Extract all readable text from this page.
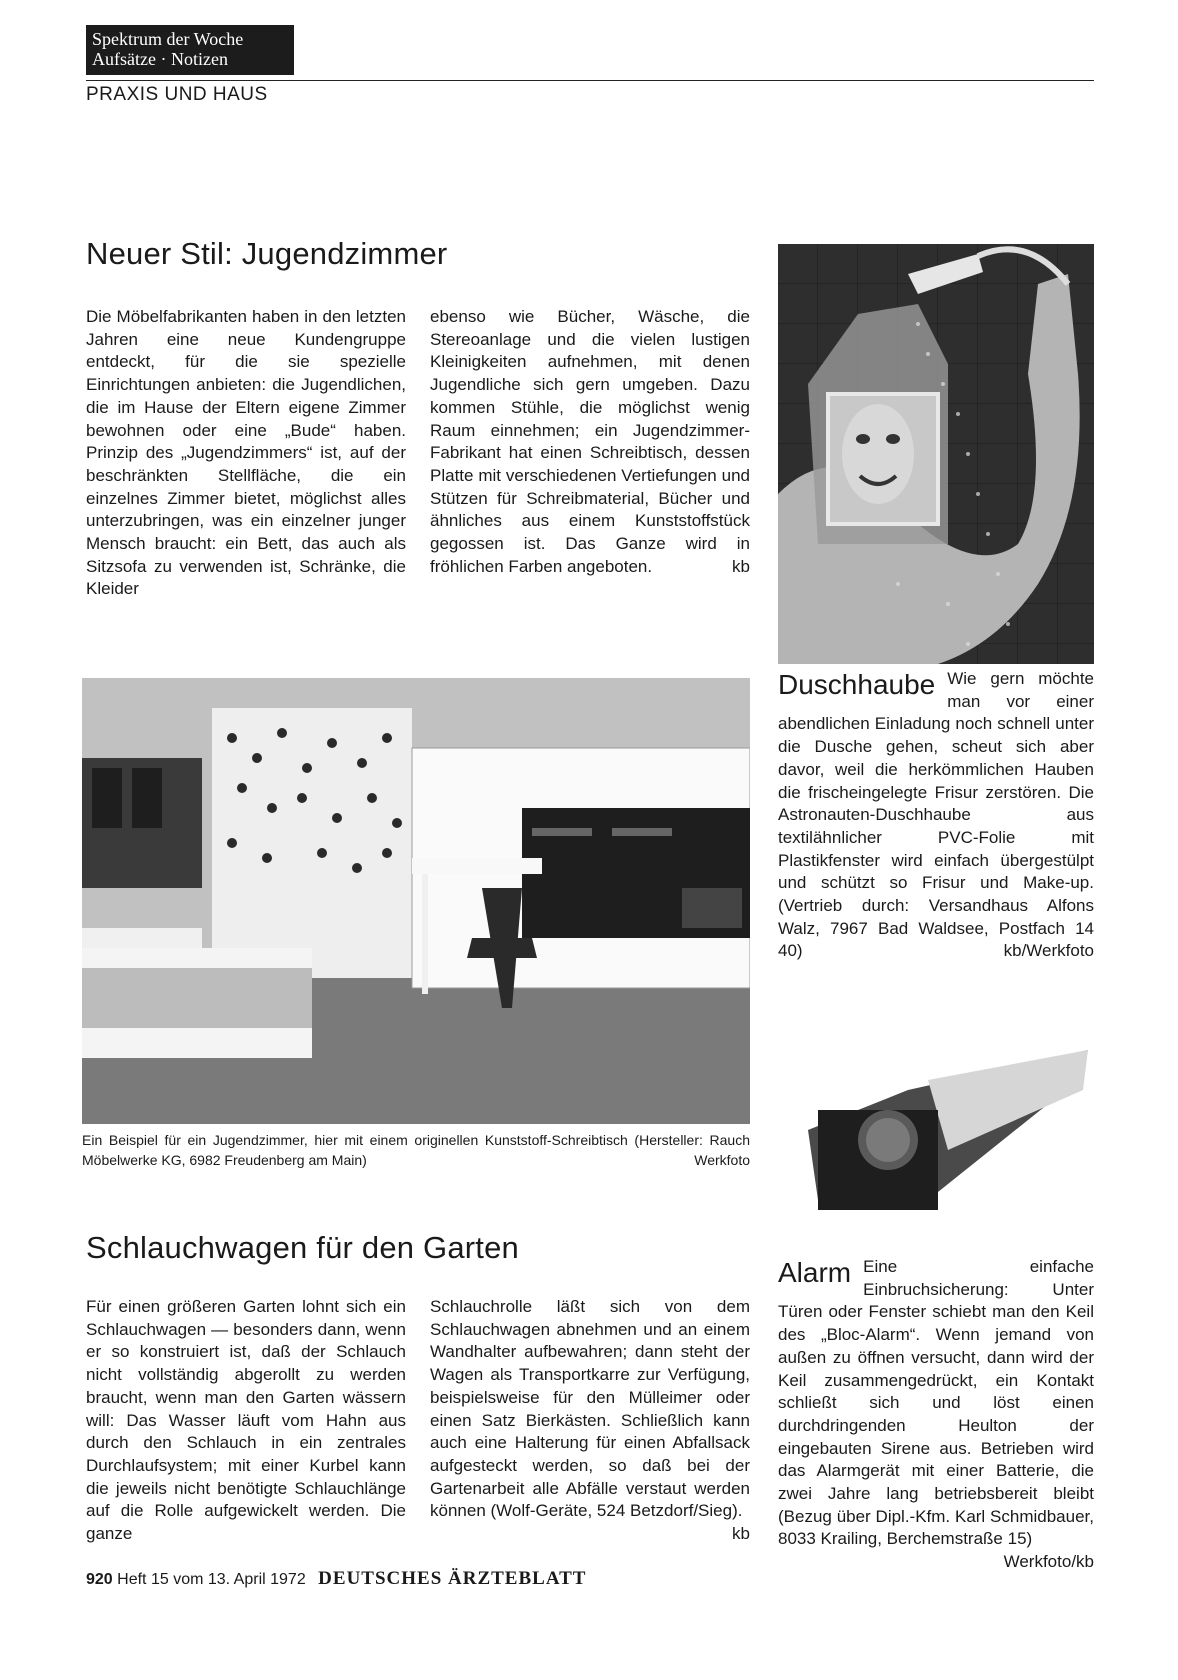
Spektrum der Woche
Aufsätze · Notizen
PRAXIS UND HAUS
Neuer Stil: Jugendzimmer

Die Möbelfabrikanten haben in den letzten Jahren eine neue Kundengruppe entdeckt, für die sie spezielle Einrichtungen anbieten: die Jugendlichen, die im Hause der Eltern eigene Zimmer bewohnen oder eine „Bude“ haben. Prinzip des „Jugendzimmers“ ist, auf der beschränkten Stellfläche, die ein einzelnes Zimmer bietet, möglichst alles unterzubringen, was ein einzelner junger Mensch braucht: ein Bett, das auch als Sitzsofa zu verwenden ist, Schränke, die Kleider

ebenso wie Bücher, Wäsche, die Stereoanlage und die vielen lustigen Kleinigkeiten aufnehmen, mit denen Jugendliche sich gern umgeben. Dazu kommen Stühle, die möglichst wenig Raum einnehmen; ein Jugendzimmer-Fabrikant hat einen Schreibtisch, dessen Platte mit verschiedenen Vertiefungen und Stützen für Schreibmaterial, Bücher und ähnliches aus einem Kunststoffstück gegossen ist. Das Ganze wird in fröhlichen Farben angeboten.	kb

Duschhaube Wie gern möchte man vor einer abendlichen Einladung noch schnell unter die Dusche gehen, scheut sich aber davor, weil die herkömmlichen Hauben die frischeingelegte Frisur zerstören. Die Astronauten-Duschhaube aus textilähnlicher PVC-Folie mit Plastikfenster wird einfach übergestülpt und schützt so Frisur und Make-up. (Vertrieb durch: Versandhaus Alfons Walz, 7967 Bad Waldsee, Postfach 14 40)	kb/Werkfoto

Ein Beispiel für ein Jugendzimmer, hier mit einem originellen Kunststoff-Schreibtisch (Hersteller: Rauch Möbelwerke KG, 6982 Freudenberg am Main)	Werkfoto
Schlauchwagen für den Garten

Für einen größeren Garten lohnt sich ein Schlauchwagen — besonders dann, wenn er so konstruiert ist, daß der Schlauch nicht vollständig abgerollt zu werden braucht, wenn man den Garten wässern will: Das Wasser läuft vom Hahn aus durch den Schlauch in ein zentrales Durchlaufsystem; mit einer Kurbel kann die jeweils nicht benötigte Schlauchlänge auf die Rolle aufgewickelt werden. Die ganze

Schlauchrolle läßt sich von dem Schlauchwagen abnehmen und an einem Wandhalter aufbewahren; dann steht der Wagen als Transportkarre zur Verfügung, beispielsweise für den Mülleimer oder einen Satz Bierkästen. Schließlich kann auch eine Halterung für einen Abfallsack aufgesteckt werden, so daß bei der Gartenarbeit alle Abfälle verstaut werden können (Wolf-Geräte, 524 Betzdorf/Sieg).
kb

Alarm Eine einfache Einbruchsicherung: Unter Türen oder Fenster schiebt man den Keil des „Bloc-Alarm“. Wenn jemand von außen zu öffnen versucht, dann wird der Keil zusammengedrückt, ein Kontakt schließt sich und löst einen durchdringenden Heulton der eingebauten Sirene aus. Betrieben wird das Alarmgerät mit einer Batterie, die zwei Jahre lang betriebsbereit bleibt (Bezug über Dipl.-Kfm. Karl Schmidbauer, 8033 Krailing, Berchemstraße 15)
Werkfoto/kb

920 Heft 15 vom 13. April 1972 DEUTSCHES ÄRZTEBLATT
